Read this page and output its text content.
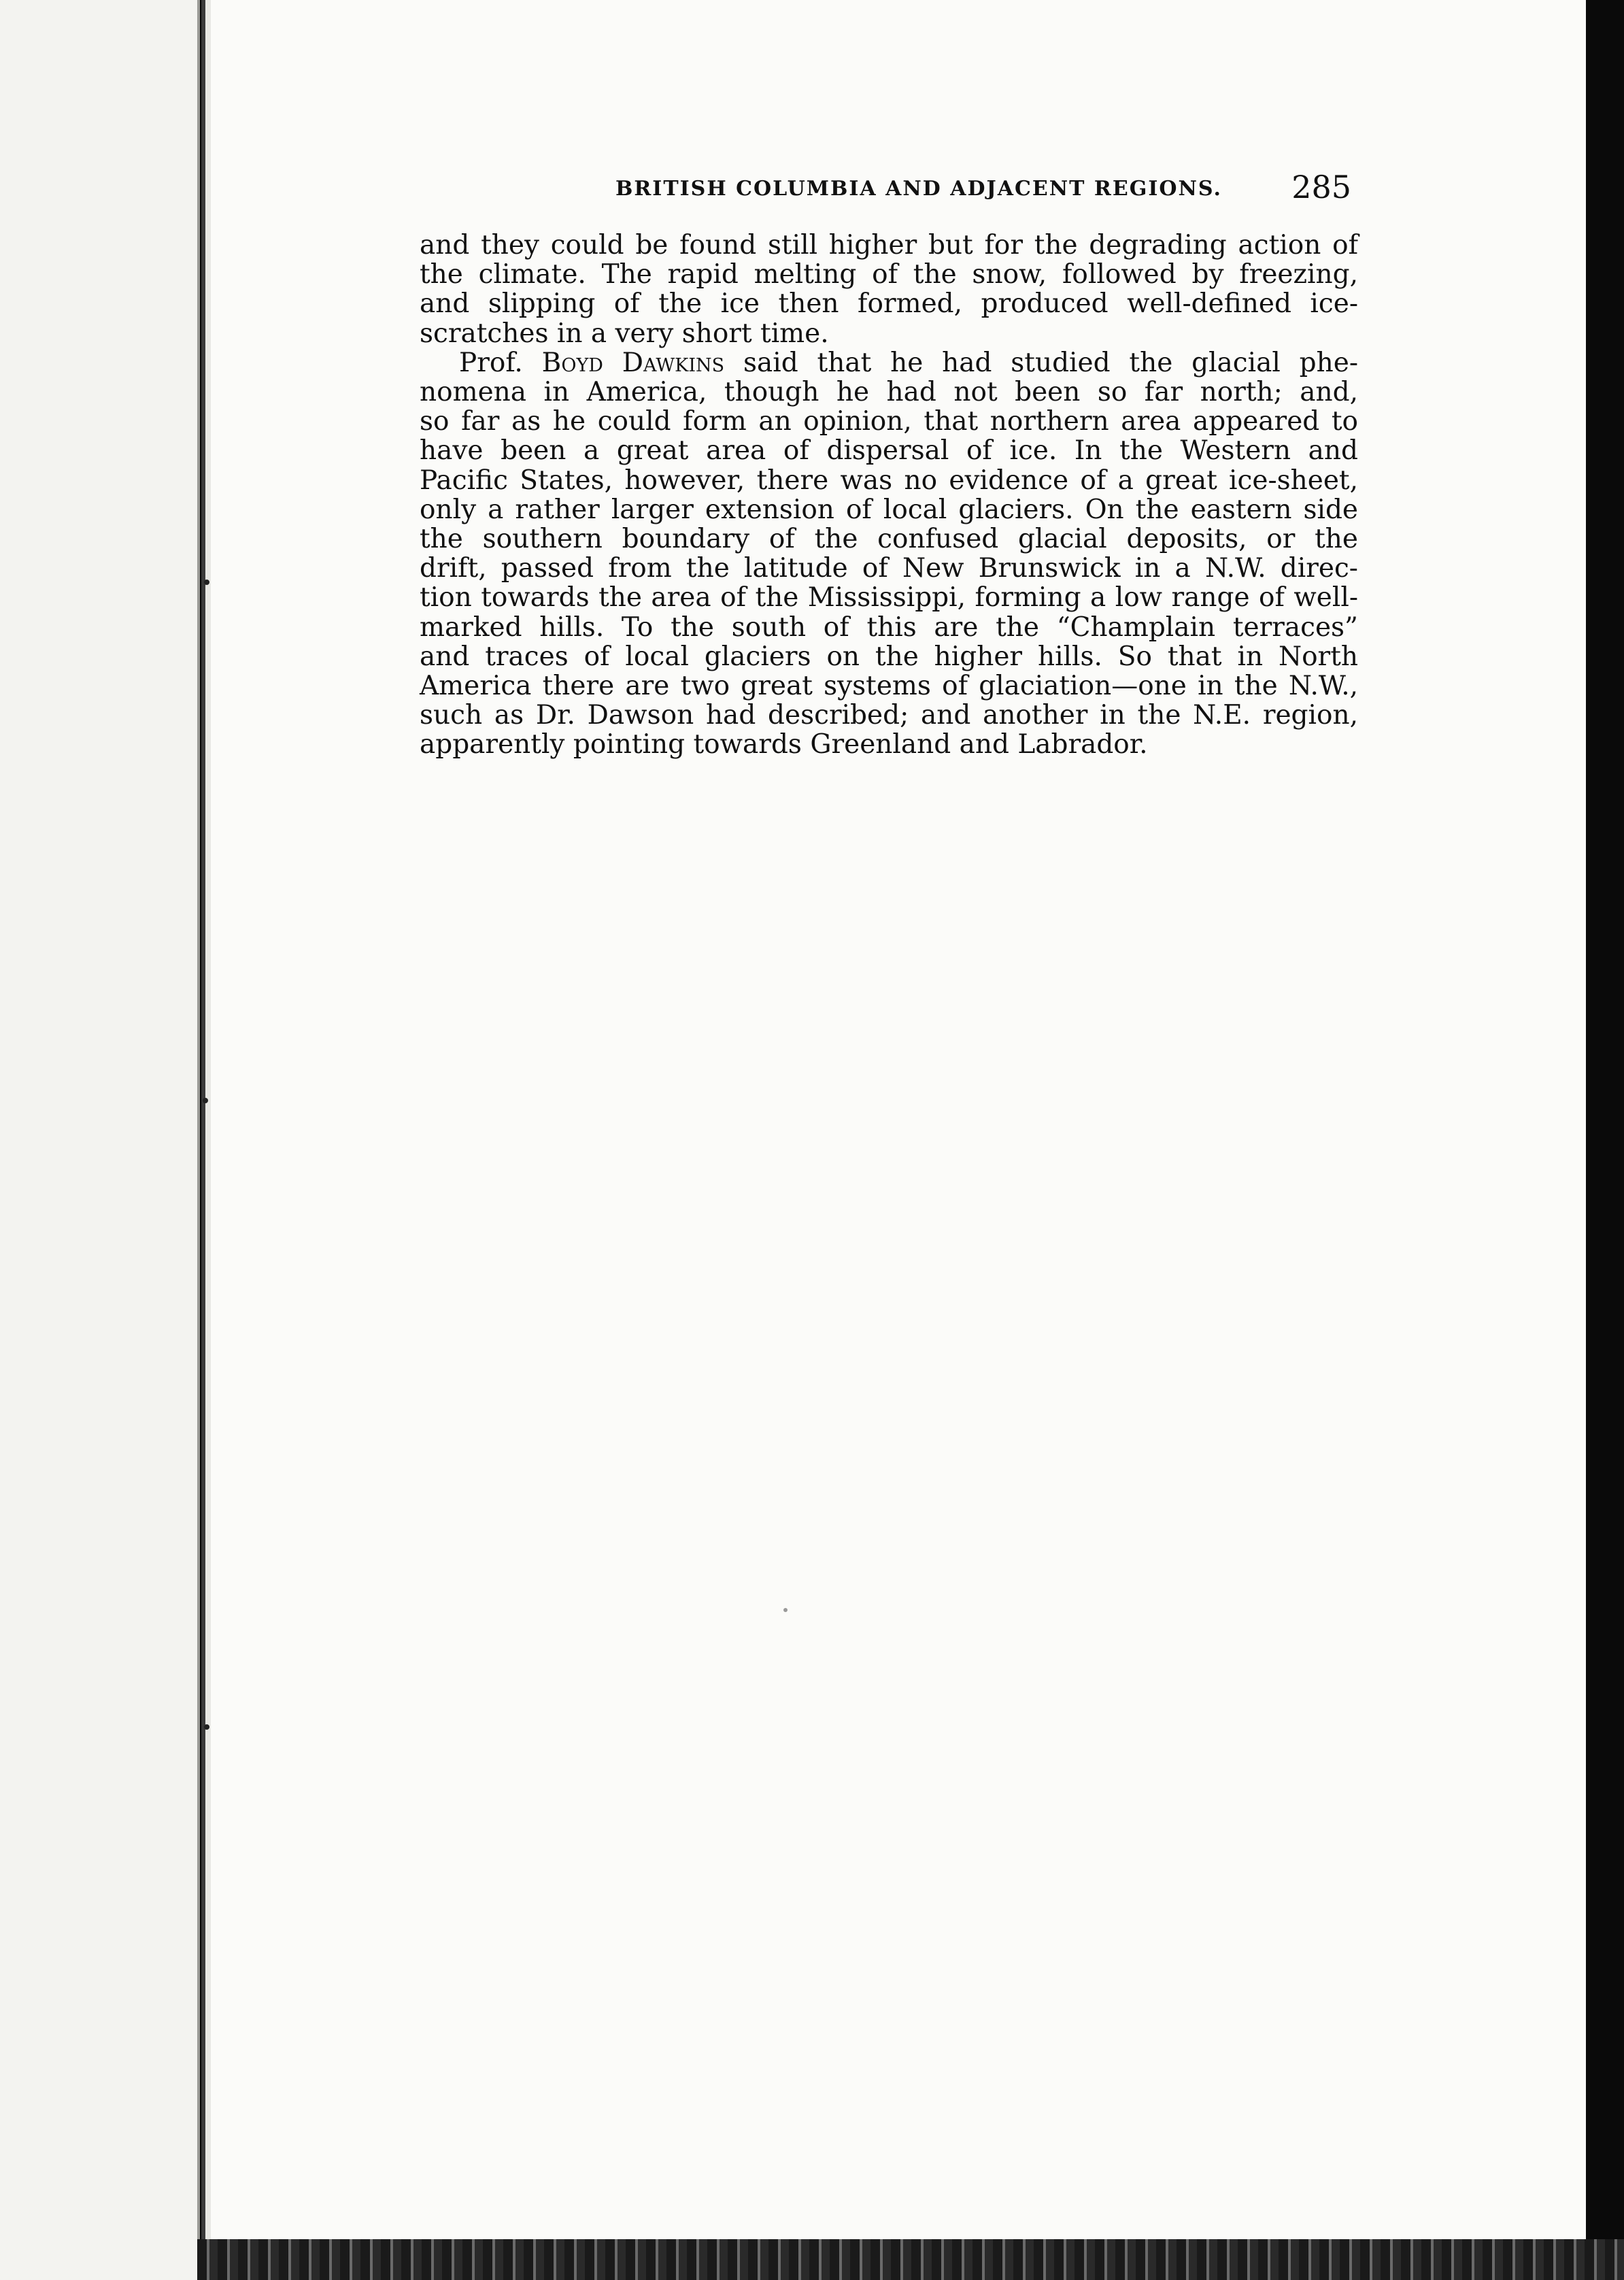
BRITISH COLUMBIA AND ADJACENT REGIONS. 285
and they could be found still higher but for the degrading action of
the climate. The rapid melting of the snow, followed by freezing,
and slipping of the ice then formed, produced well-defined ice-
scratches in a very short time.
Prof. Boyd Dawkins said that he had studied the glacial phe-
nomena in America, though he had not been so far north; and,
so far as he could form an opinion, that northern area appeared to
have been a great area of dispersal of ice. In the Western and
Pacific States, however, there was no evidence of a great ice-sheet,
only a rather larger extension of local glaciers. On the eastern side
the southern boundary of the confused glacial deposits, or the
drift, passed from the latitude of New Brunswick in a N.W. direc-
tion towards the area of the Mississippi, forming a low range of well-
marked hills. To the south of this are the “Champlain terraces”
and traces of local glaciers on the higher hills. So that in North
America there are two great systems of glaciation—one in the N.W.,
such as Dr. Dawson had described; and another in the N.E. region,
apparently pointing towards Greenland and Labrador.
